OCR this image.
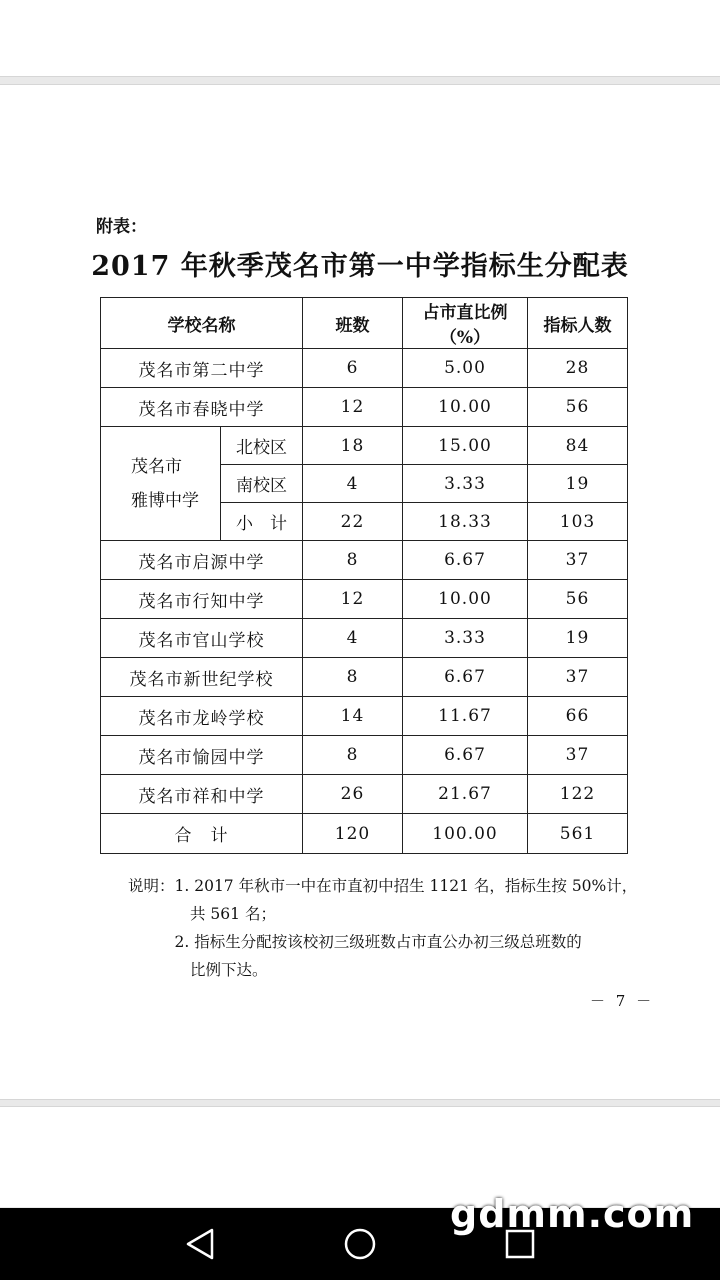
附表：
2017 年秋季茂名市第一中学指标生分配表
学校名称		班数	占市直比例（%）	指标人数
茂名市第二中学		6	5.00	28
茂名市春晓中学		12	10.00	56

茂名市
雅博中学	北校区	18	15.00	84
	南校区	4	3.33	19
	小　计	22	18.33	103
茂名市启源中学		8	6.67	37
茂名市行知中学		12	10.00	56
茂名市官山学校		4	3.33	19
茂名市新世纪学校		8	6.67	37
茂名市龙岭学校		14	11.67	66
茂名市愉园中学		8	6.67	37
茂名市祥和中学		26	21.67	122
合　计		120	100.00	561
说明：1. 2017 年秋市一中在市直初中招生 1121 名，指标生按 50%计，
　　　　共 561 名；
　　　2. 指标生分配按该校初三级班数占市直公办初三级总班数的
　　　　比例下达。
－ 7 －
gdmm.com
